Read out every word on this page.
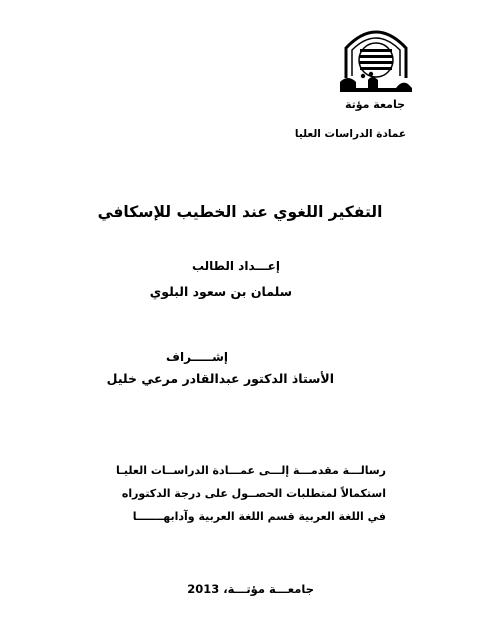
جامعة مؤتة
عمادة الدراسات العليا
التفكير اللغوي عند الخطيب للإسكافي
إعـــداد الطالب
سلمان بن سعود البلوي
إشـــــراف
الأستاذ الدكتور عبدالقادر مرعي خليل
رسالـــة مقدمـــة إلـــى عمـــادة الدراســات العليـا
استكمالاً لمتطلبات الحصــول على درجة الدكتوراه
في اللغة العربية قسم اللغة العربية وآدابهـــــــا
جامعـــة مؤتـــة، 2013
